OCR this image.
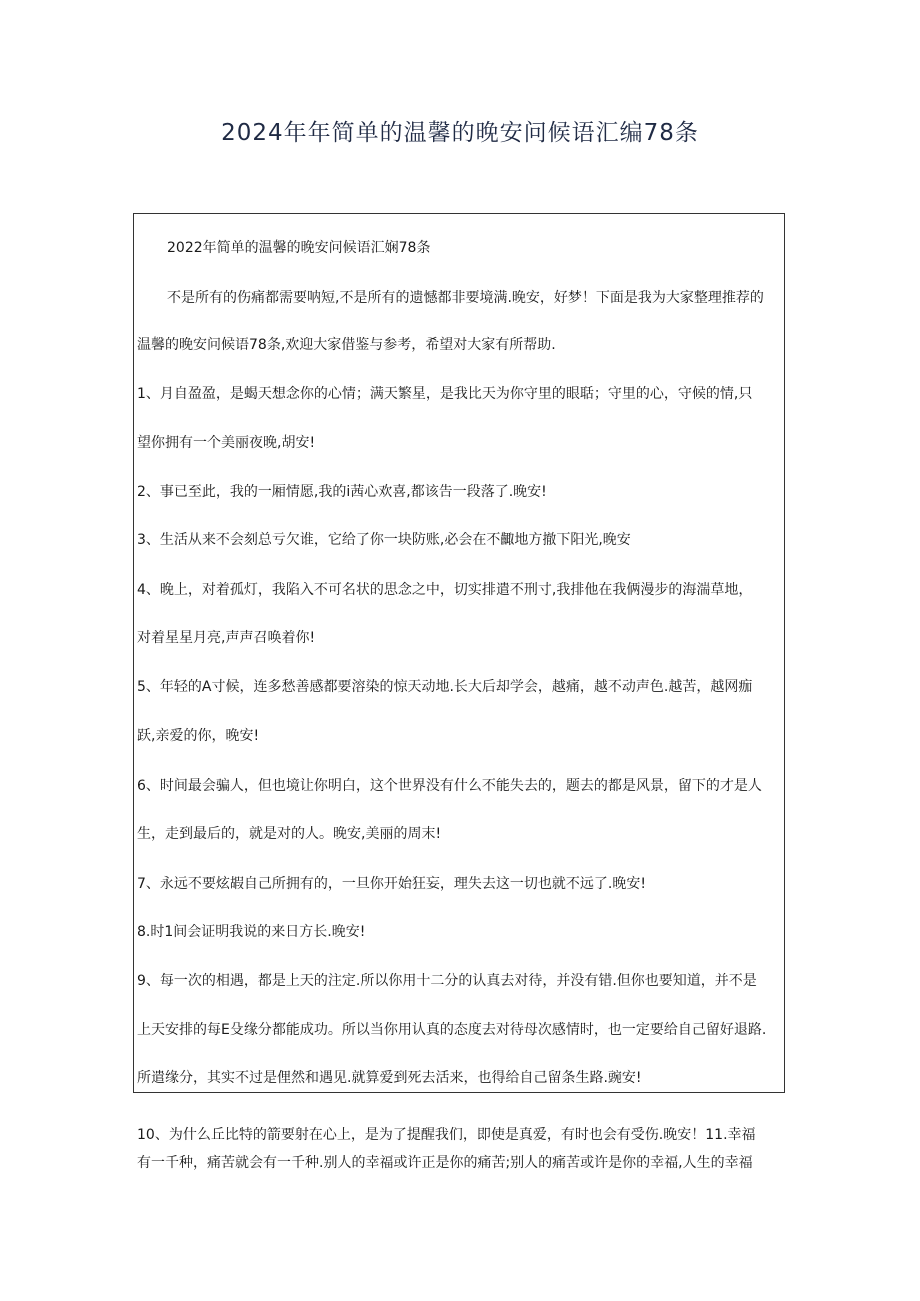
2024年年简单的温馨的晚安问候语汇编78条

2022年简单的温馨的晚安问候语汇娴78条

不是所有的伤痛都需要呐短,不是所有的遗憾都非要境满.晚安，好梦！下面是我为大家整理推荐的

温馨的晚安问候语78条,欢迎大家借鉴与参考，希望对大家有所帮助.

1、月自盈盈，是蝎天想念你的心情；满天繁星，是我比天为你守里的眼聒；守里的心，守候的情,只

望你拥有一个美丽夜晚,胡安!

2、事已至此，我的一厢情愿,我的i茜心欢喜,都该告一段落了.晚安!

3、生活从来不会刻总亏欠谁，它给了你一块防账,必会在不齱地方撤下阳光,晚安

4、晚上，对着孤灯，我陷入不可名状的思念之中，切实排遣不刑寸,我排他在我俩漫步的海湍草地，

对着星星月亮,声声召唤着你!

5、年轻的A寸候，连多愁善感都要溶染的惊天动地.长大后却学会，越痛，越不动声色.越苦，越网痂

跃,亲爱的你，晚安!

6、时间最会骗人，但也境让你明白，这个世界没有什么不能失去的，题去的都是风景，留下的才是人

生，走到最后的，就是对的人。晚安,美丽的周末!

7、永远不要炫嘏自己所拥有的，一旦你开始狂妄，理失去这一切也就不远了.晚安!

8.时1间会证明我说的来日方长.晚安!

9、每一次的相遇，都是上天的注定.所以你用十二分的认真去对待，并没有错.但你也要知道，并不是

上天安排的每E殳缘分都能成功。所以当你用认真的态度去对待母次感情时，也一定要给自己留好退路.

所遣缘分，其实不过是俚然和遇见.就算爱到死去活来，也得给自己留条生路.豌安!

10、为什么丘比特的箭要射在心上，是为了提醒我们，即使是真爱，有时也会有受伤.晚安！11.幸福

有一千种，痛苦就会有一千种.别人的幸福或许正是你的痛苦;别人的痛苦或许是你的幸福,人生的幸福
